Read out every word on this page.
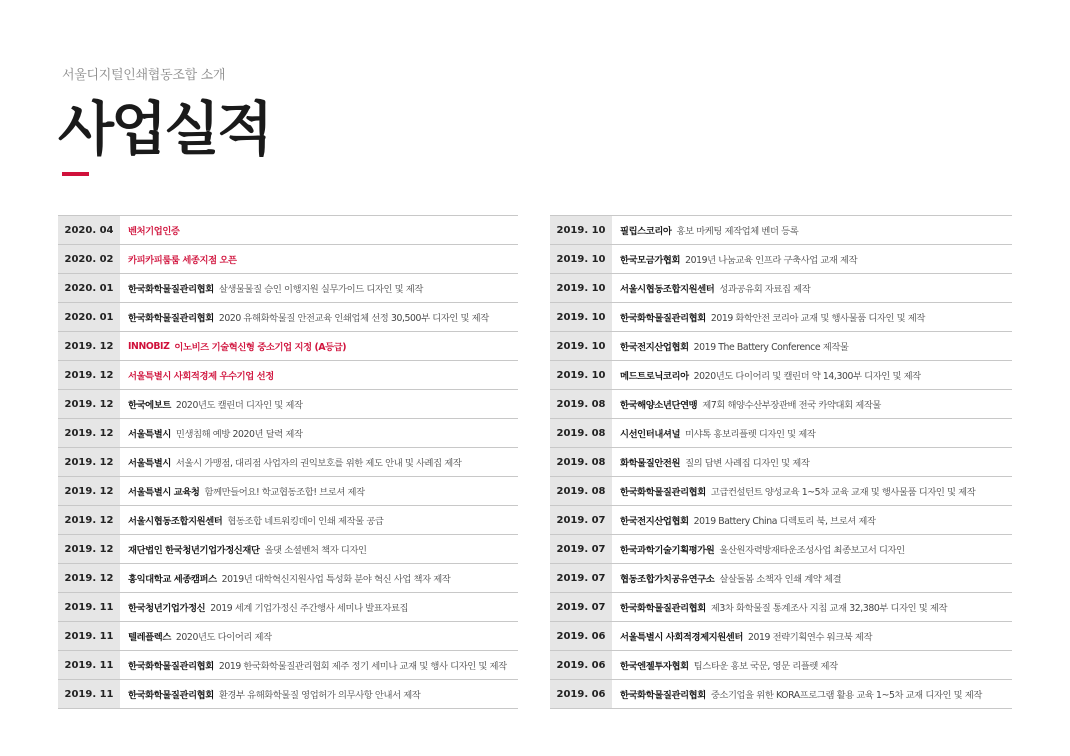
서울디지털인쇄협동조합 소개
사업실적
2020. 04	벤처기업인증
2020. 02	카피카피룸룸 세종지점 오픈
2020. 01	한국화학물질관리협회 살생물물질 승인 이행지원 실무가이드 디자인 및 제작
2020. 01	한국화학물질관리협회 2020 유해화학물질 안전교육 인쇄업체 선정 30,500부 디자인 및 제작
2019. 12	INNOBIZ 이노비즈 기술혁신형 중소기업 지정 (A등급)
2019. 12	서울특별시 사회적경제 우수기업 선정
2019. 12	한국에보트 2020년도 캘린더 디자인 및 제작
2019. 12	서울특별시 민생침해 예방 2020년 달력 제작
2019. 12	서울특별시 서울시 가맹점, 대리점 사업자의 권익보호를 위한 제도 안내 및 사례집 제작
2019. 12	서울특별시 교육청 함께만들어요! 학교협동조합! 브로셔 제작
2019. 12	서울시협동조합지원센터 협동조합 네트워킹데이 인쇄 제작물 공급
2019. 12	재단법인 한국청년기업가정신재단 올댓 소셜벤처 책자 디자인
2019. 12	홍익대학교 세종캠퍼스 2019년 대학혁신지원사업 특성화 분야 혁신 사업 책자 제작
2019. 11	한국청년기업가정신 2019 세계 기업가정신 주간행사 세미나 발표자료집
2019. 11	텔레플렉스 2020년도 다이어리 제작
2019. 11	한국화학물질관리협회 2019 한국화학물질관리협회 제주 정기 세미나 교재 및 행사 디자인 및 제작
2019. 11	한국화학물질관리협회 환경부 유해화학물질 영업허가 의무사항 안내서 제작
2019. 10	필립스코리아 홍보 마케팅 제작업체 벤더 등록
2019. 10	한국모금가협회 2019년 나눔교육 인프라 구축사업 교재 제작
2019. 10	서울시협동조합지원센터 성과공유회 자료집 제작
2019. 10	한국화학물질관리협회 2019 화학안전 코리아 교재 및 행사물품 디자인 및 제작
2019. 10	한국전지산업협회 2019 The Battery Conference 제작물
2019. 10	메드트로닉코리아 2020년도 다이어리 및 캘린더 약 14,300부 디자인 및 제작
2019. 08	한국해양소년단연맹 제7회 해양수산부장관배 전국 카약대회 제작물
2019. 08	시선인터내셔널 미샤톡 홍보리플렛 디자인 및 제작
2019. 08	화학물질안전원 질의 답변 사례집 디자인 및 제작
2019. 08	한국화학물질관리협회 고급컨설턴트 양성교육 1~5차 교육 교재 및 행사물품 디자인 및 제작
2019. 07	한국전지산업협회 2019 Battery China 디렉토리 북, 브로셔 제작
2019. 07	한국과학기술기획평가원 울산원자력방재타운조성사업 최종보고서 디자인
2019. 07	협동조합가치공유연구소 살살돌봄 소책자 인쇄 계약 체결
2019. 07	한국화학물질관리협회 제3차 화학물질 통계조사 지침 교재 32,380부 디자인 및 제작
2019. 06	서울특별시 사회적경제지원센터 2019 전략기획연수 워크북 제작
2019. 06	한국엔젤투자협회 팁스타운 홍보 국문, 영문 리플렛 제작
2019. 06	한국화학물질관리협회 중소기업을 위한 KORA프로그램 활용 교육 1~5차 교재 디자인 및 제작
